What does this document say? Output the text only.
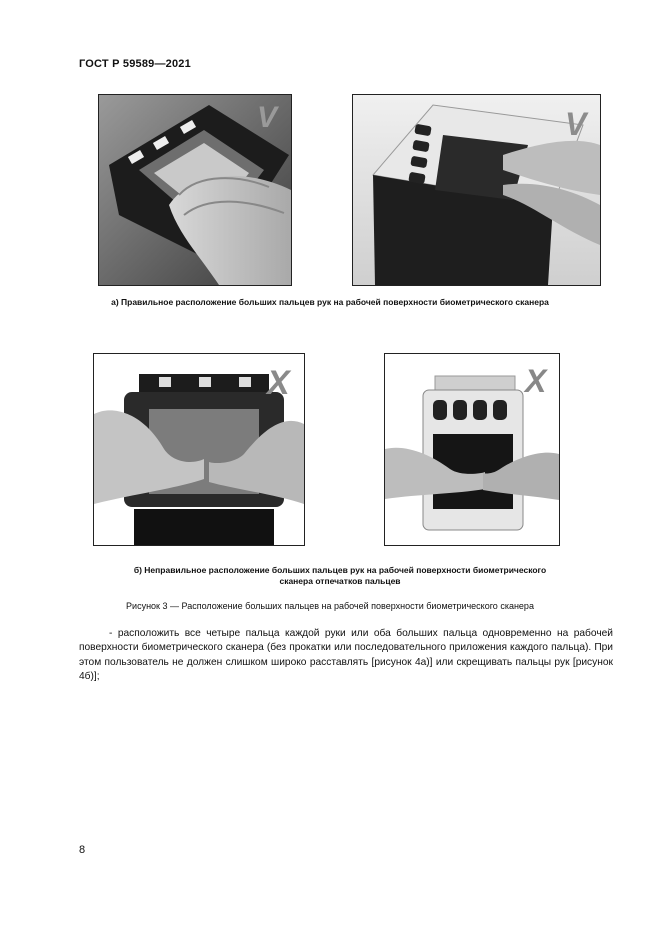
ГОСТ Р 59589—2021
V	V
а) Правильное расположение больших пальцев рук на рабочей поверхности биометрического сканера
X	X
б) Неправильное расположение больших пальцев рук на рабочей поверхности биометрического
сканера отпечатков пальцев
Рисунок 3 — Расположение больших пальцев на рабочей поверхности биометрического сканера
- расположить все четыре пальца каждой руки или оба больших пальца одновременно на рабочей поверхности биометрического сканера (без прокатки или последовательного приложения каждого пальца). При этом пользователь не должен слишком широко расставлять [рисунок 4а)] или скрещивать пальцы рук [рисунок 4б)];
8
